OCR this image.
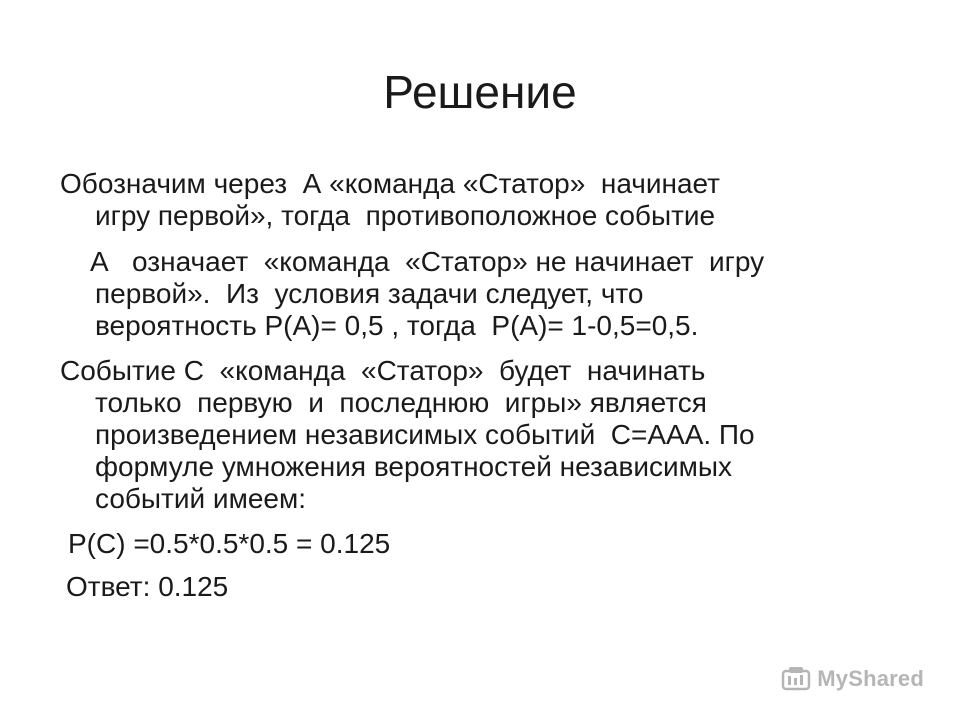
Решение

Обозначим через  А «команда «Статор»  начинает
игру первой», тогда  противоположное событие

А   означает  «команда  «Статор» не начинает  игру
первой».  Из  условия задачи следует, что
вероятность Р(А)= 0,5 , тогда  Р(А)= 1-0,5=0,5.

Событие С  «команда  «Статор»  будет  начинать
только  первую  и  последнюю  игры» является
произведением независимых событий  С=ААА. По
формуле умножения вероятностей независимых
событий имеем:

Р(С) =0.5*0.5*0.5 = 0.125

Ответ: 0.125

MyShared
